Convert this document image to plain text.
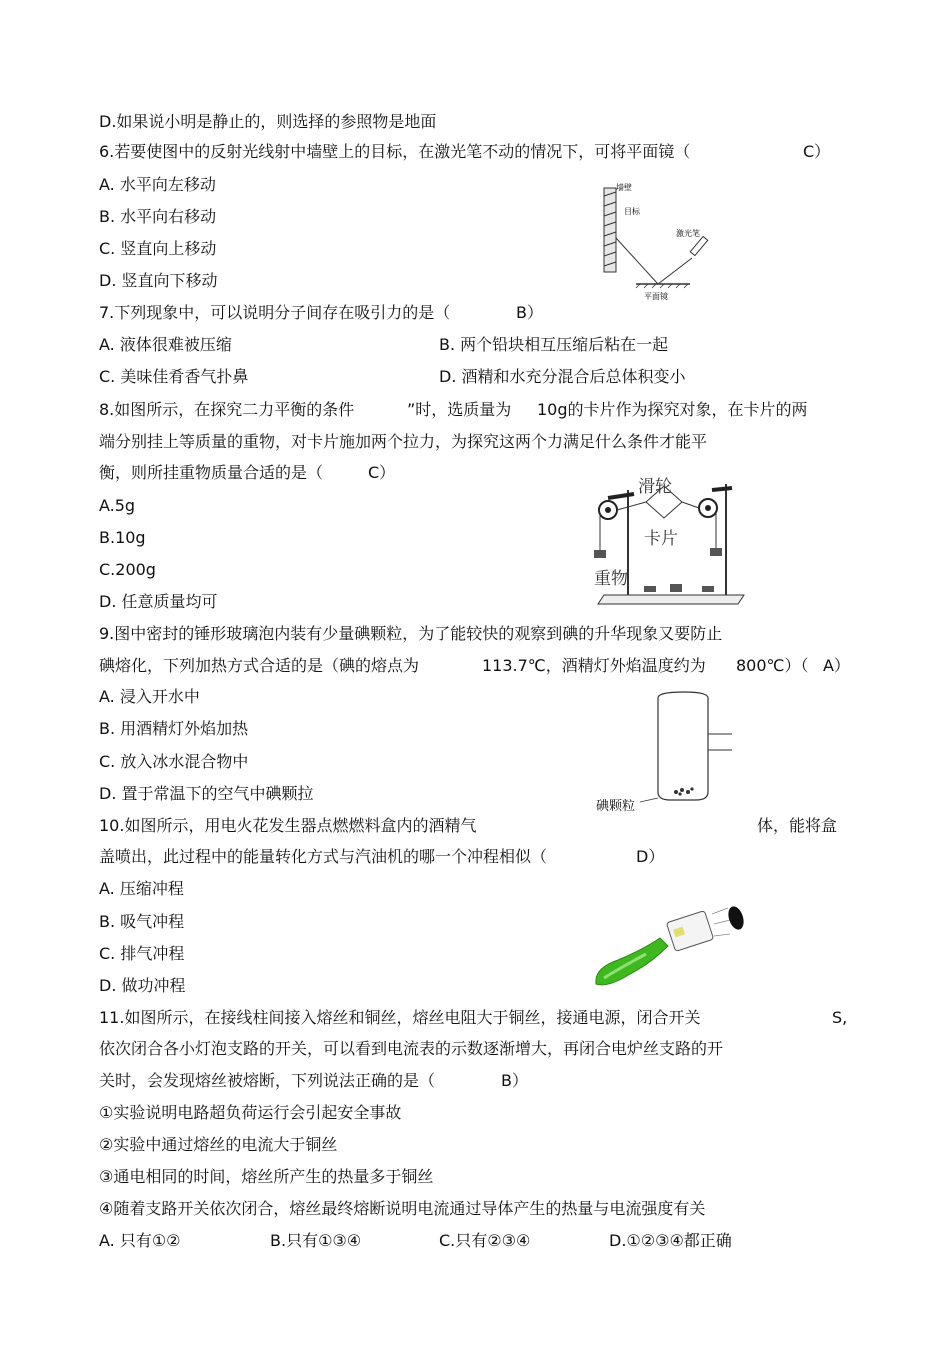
D.如果说小明是静止的，则选择的参照物是地面
6.若要使图中的反射光线射中墙壁上的目标，在激光笔不动的情况下，可将平面镜（	C）
A. 水平向左移动
B. 水平向右移动
C. 竖直向上移动
D. 竖直向下移动
墙壁
目标
激光笔
平面镜
7.下列现象中，可以说明分子间存在吸引力的是（	B）
A. 液体很难被压缩	B. 两个铅块相互压缩后粘在一起
C. 美味佳肴香气扑鼻	D. 酒精和水充分混合后总体积变小
8.如图所示，在探究二力平衡的条件	”时，选质量为 10g的卡片作为探究对象，在卡片的两
端分别挂上等质量的重物，对卡片施加两个拉力，为探究这两个力满足什么条件才能平
衡，则所挂重物质量合适的是（	C）
A.5g
B.10g
C.200g
D. 任意质量均可
滑轮
卡片
重物
9.图中密封的锤形玻璃泡内装有少量碘颗粒，为了能较快的观察到碘的升华现象又要防止
碘熔化，下列加热方式合适的是（碘的熔点为	113.7℃，酒精灯外焰温度约为 800℃）（ A）
A. 浸入开水中
B. 用酒精灯外焰加热
C. 放入冰水混合物中
D. 置于常温下的空气中碘颗拉
碘颗粒
10.如图所示，用电火花发生器点燃燃料盒内的酒精气	体，能将盒
盖喷出，此过程中的能量转化方式与汽油机的哪一个冲程相似（	D）
A. 压缩冲程
B. 吸气冲程
C. 排气冲程
D. 做功冲程
11.如图所示，在接线柱间接入熔丝和铜丝，熔丝电阻大于铜丝，接通电源，闭合开关	S,
依次闭合各小灯泡支路的开关，可以看到电流表的示数逐渐增大，再闭合电炉丝支路的开
关时，会发现熔丝被熔断，下列说法正确的是（	B）
①实验说明电路超负荷运行会引起安全事故
②实验中通过熔丝的电流大于铜丝
③通电相同的时间，熔丝所产生的热量多于铜丝
④随着支路开关依次闭合，熔丝最终熔断说明电流通过导体产生的热量与电流强度有关
A. 只有①②	B.只有①③④	C.只有②③④	D.①②③④都正确
